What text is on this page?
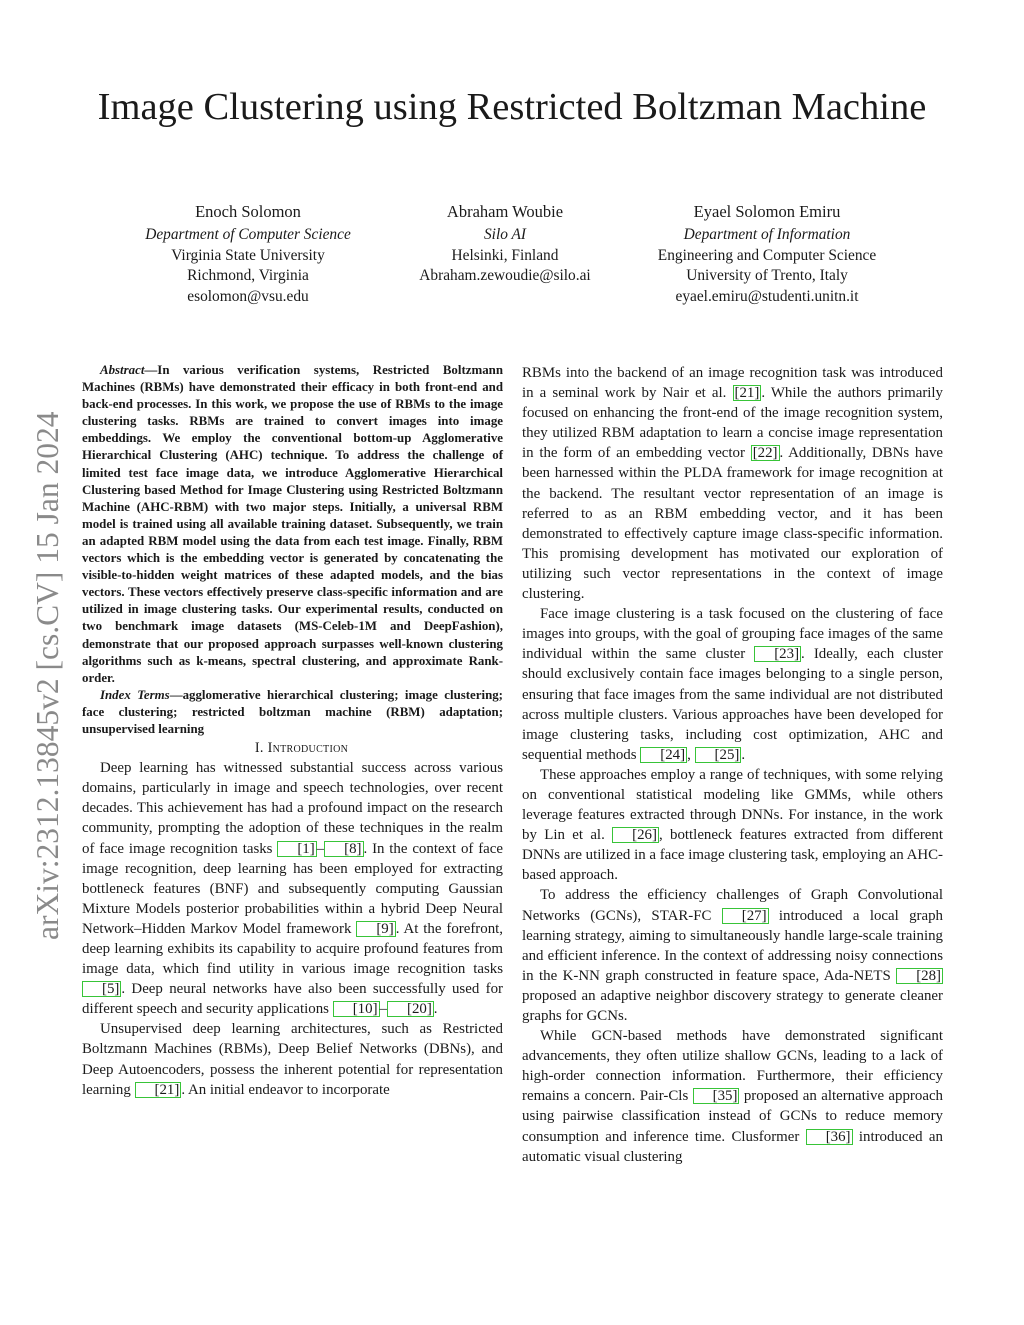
arXiv:2312.13845v2 [cs.CV] 15 Jan 2024
Image Clustering using Restricted Boltzman Machine
Enoch Solomon
Department of Computer Science
Virginia State University
Richmond, Virginia
esolomon@vsu.edu
Abraham Woubie
Silo AI
Helsinki, Finland
Abraham.zewoudie@silo.ai
Eyael Solomon Emiru
Department of Information
Engineering and Computer Science
University of Trento, Italy
eyael.emiru@studenti.unitn.it

Abstract—In various verification systems, Restricted Boltzmann Machines (RBMs) have demonstrated their efficacy in both front-end and back-end processes. In this work, we propose the use of RBMs to the image clustering tasks. RBMs are trained to convert images into image embeddings. We employ the conventional bottom-up Agglomerative Hierarchical Clustering (AHC) technique. To address the challenge of limited test face image data, we introduce Agglomerative Hierarchical Clustering based Method for Image Clustering using Restricted Boltzmann Machine (AHC-RBM) with two major steps. Initially, a universal RBM model is trained using all available training dataset. Subsequently, we train an adapted RBM model using the data from each test image. Finally, RBM vectors which is the embedding vector is generated by concatenating the visible-to-hidden weight matrices of these adapted models, and the bias vectors. These vectors effectively preserve class-specific information and are utilized in image clustering tasks. Our experimental results, conducted on two benchmark image datasets (MS-Celeb-1M and DeepFashion), demonstrate that our proposed approach surpasses well-known clustering algorithms such as k-means, spectral clustering, and approximate Rank-order.

Index Terms—agglomerative hierarchical clustering; image clustering; face clustering; restricted boltzman machine (RBM) adaptation; unsupervised learning

I. Introduction

Deep learning has witnessed substantial success across various domains, particularly in image and speech technologies, over recent decades. This achievement has had a profound impact on the research community, prompting the adoption of these techniques in the realm of face image recognition tasks [1] – [8] . In the context of face image recognition, deep learning has been employed for extracting bottleneck features (BNF) and subsequently computing Gaussian Mixture Models posterior probabilities within a hybrid Deep Neural Network–Hidden Markov Model framework [9] . At the forefront, deep learning exhibits its capability to acquire profound features from image data, which find utility in various image recognition tasks [5] . Deep neural networks have also been successfully used for different speech and security applications [10] – [20] .

Unsupervised deep learning architectures, such as Restricted Boltzmann Machines (RBMs), Deep Belief Networks (DBNs), and Deep Autoencoders, possess the inherent potential for representation learning [21] . An initial endeavor to incorporate

RBMs into the backend of an image recognition task was introduced in a seminal work by Nair et al. [21] . While the authors primarily focused on enhancing the front-end of the image recognition system, they utilized RBM adaptation to learn a concise image representation in the form of an embedding vector [22] . Additionally, DBNs have been harnessed within the PLDA framework for image recognition at the backend. The resultant vector representation of an image is referred to as an RBM embedding vector, and it has been demonstrated to effectively capture image class-specific information. This promising development has motivated our exploration of utilizing such vector representations in the context of image clustering.

Face image clustering is a task focused on the clustering of face images into groups, with the goal of grouping face images of the same individual within the same cluster [23] . Ideally, each cluster should exclusively contain face images belonging to a single person, ensuring that face images from the same individual are not distributed across multiple clusters. Various approaches have been developed for image clustering tasks, including cost optimization, AHC and sequential methods [24] , [25] .

These approaches employ a range of techniques, with some relying on conventional statistical modeling like GMMs, while others leverage features extracted through DNNs. For instance, in the work by Lin et al. [26] , bottleneck features extracted from different DNNs are utilized in a face image clustering task, employing an AHC-based approach.

To address the efficiency challenges of Graph Convolutional Networks (GCNs), STAR-FC [27] introduced a local graph learning strategy, aiming to simultaneously handle large-scale training and efficient inference. In the context of addressing noisy connections in the K-NN graph constructed in feature space, Ada-NETS [28] proposed an adaptive neighbor discovery strategy to generate cleaner graphs for GCNs.

While GCN-based methods have demonstrated significant advancements, they often utilize shallow GCNs, leading to a lack of high-order connection information. Furthermore, their efficiency remains a concern. Pair-Cls [35] proposed an alternative approach using pairwise classification instead of GCNs to reduce memory consumption and inference time. Clusformer [36] introduced an automatic visual clustering
